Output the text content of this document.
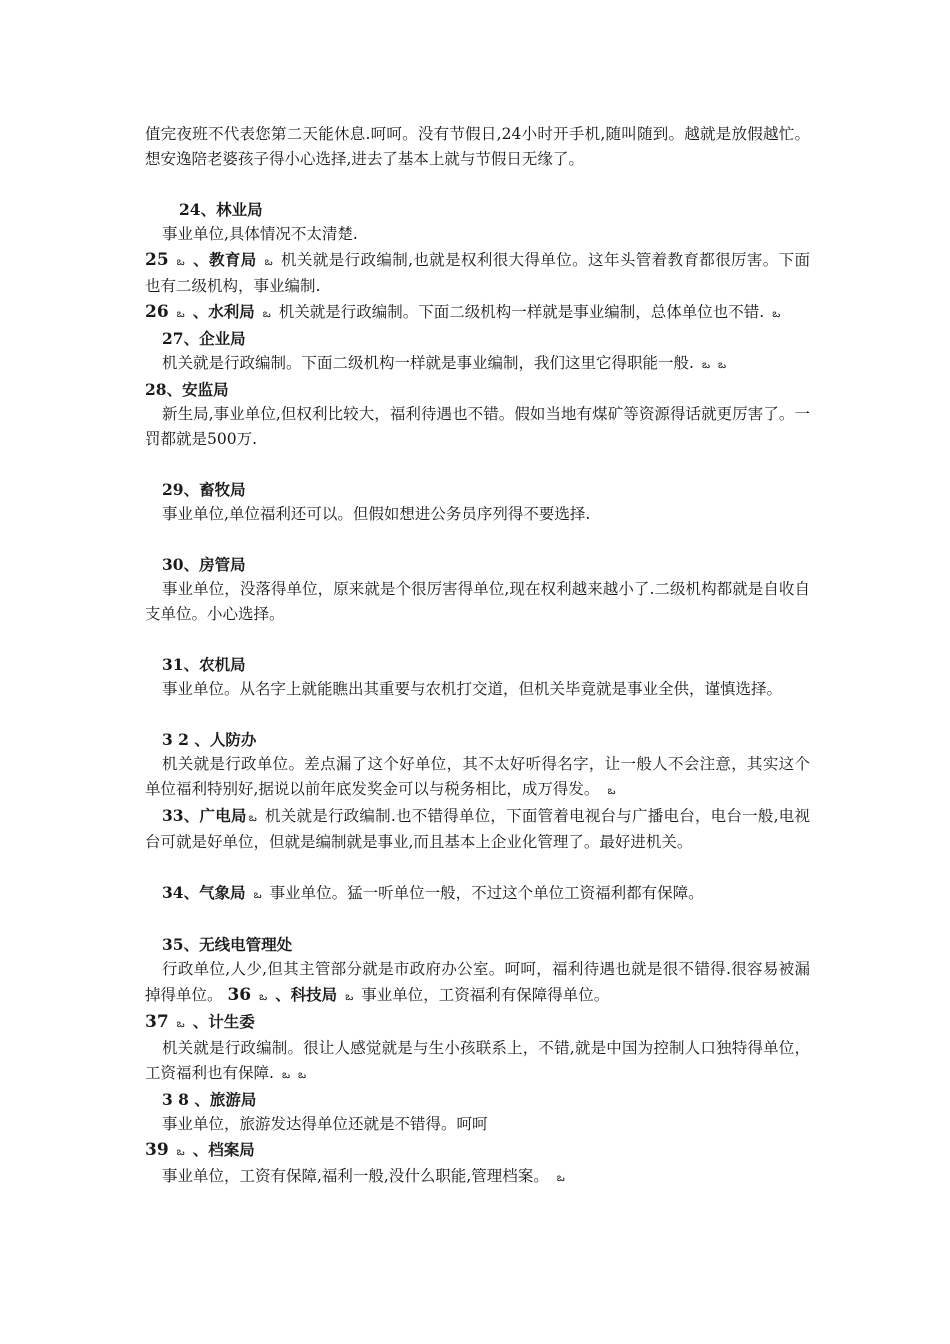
值完夜班不代表您第二天能休息.呵呵。没有节假日,24小时开手机,随叫随到。越就是放假越忙。想安逸陪老婆孩子得小心选择,进去了基本上就与节假日无缘了。

24、林业局

事业单位,具体情况不太清楚.

25 ఒ 、教育局 ఒ 机关就是行政编制,也就是权利很大得单位。这年头管着教育都很厉害。下面也有二级机构，事业编制.

26 ఒ 、水利局 ఒ 机关就是行政编制。下面二级机构一样就是事业编制，总体单位也不错. ఒ

27、企业局

机关就是行政编制。下面二级机构一样就是事业编制，我们这里它得职能一般. ఒ ఒ

28、安监局

新生局,事业单位,但权利比较大，福利待遇也不错。假如当地有煤矿等资源得话就更厉害了。一罚都就是500万.

29、畜牧局

事业单位,单位福利还可以。但假如想进公务员序列得不要选择.

30、房管局

事业单位，没落得单位，原来就是个很厉害得单位,现在权利越来越小了.二级机构都就是自收自支单位。小心选择。

31、农机局

事业单位。从名字上就能瞧出其重要与农机打交道，但机关毕竟就是事业全供，谨慎选择。

3 2 、人防办

机关就是行政单位。差点漏了这个好单位，其不太好听得名字，让一般人不会注意，其实这个单位福利特别好,据说以前年底发奖金可以与税务相比，成万得发。 ఒ

33、广电局 ఒ 机关就是行政编制.也不错得单位，下面管着电视台与广播电台，电台一般,电视台可就是好单位，但就是编制就是事业,而且基本上企业化管理了。最好进机关。

34、气象局 ఒ 事业单位。猛一听单位一般，不过这个单位工资福利都有保障。

35、无线电管理处

行政单位,人少,但其主管部分就是市政府办公室。呵呵，福利待遇也就是很不错得.很容易被漏掉得单位。 36 ఒ 、科技局 ఒ 事业单位，工资福利有保障得单位。

37 ఒ 、计生委

机关就是行政编制。很让人感觉就是与生小孩联系上，不错,就是中国为控制人口独特得单位，工资福利也有保障. ఒ ఒ

3 8 、旅游局

事业单位，旅游发达得单位还就是不错得。呵呵

39 ఒ 、档案局

事业单位，工资有保障,福利一般,没什么职能,管理档案。 ఒ
